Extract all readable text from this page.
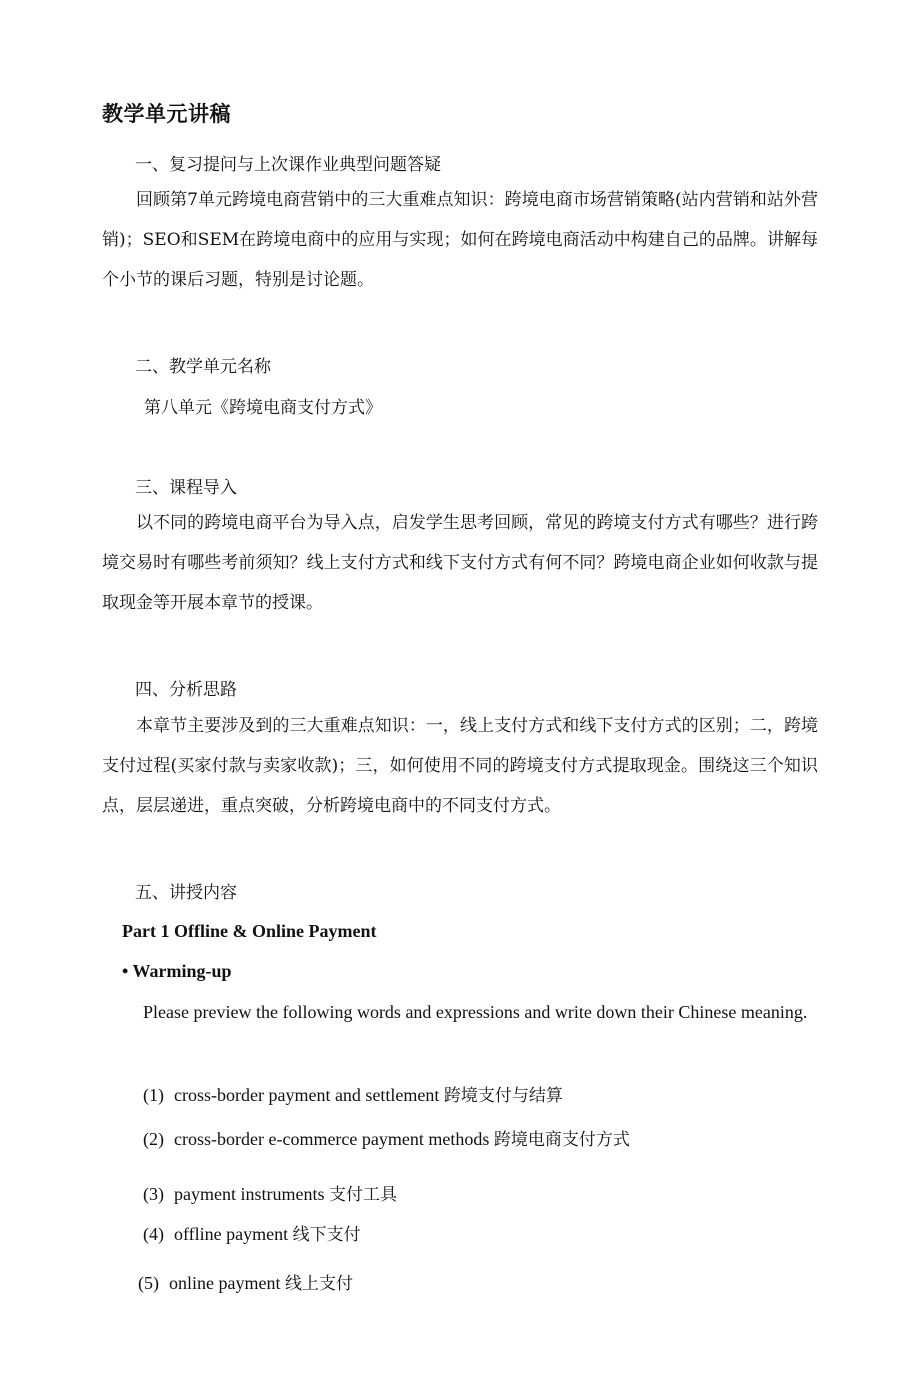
教学单元讲稿
一、复习提问与上次课作业典型问题答疑
回顾第7单元跨境电商营销中的三大重难点知识：跨境电商市场营销策略(站内营销和站外营销)；SEO和SEM在跨境电商中的应用与实现；如何在跨境电商活动中构建自己的品牌。讲解每个小节的课后习题，特别是讨论题。
二、教学单元名称
第八单元《跨境电商支付方式》
三、课程导入
以不同的跨境电商平台为导入点，启发学生思考回顾，常见的跨境支付方式有哪些？进行跨境交易时有哪些考前须知？线上支付方式和线下支付方式有何不同？跨境电商企业如何收款与提取现金等开展本章节的授课。
四、分析思路
本章节主要涉及到的三大重难点知识：一，线上支付方式和线下支付方式的区别；二，跨境支付过程(买家付款与卖家收款)；三，如何使用不同的跨境支付方式提取现金。围绕这三个知识点，层层递进，重点突破，分析跨境电商中的不同支付方式。
五、讲授内容
Part 1 Offline & Online Payment
• Warming-up
Please preview the following words and expressions and write down their Chinese meaning.
(1) cross-border payment and settlement 跨境支付与结算
(2) cross-border e-commerce payment methods 跨境电商支付方式
(3) payment instruments 支付工具
(4) offline payment 线下支付
(5) online payment 线上支付
